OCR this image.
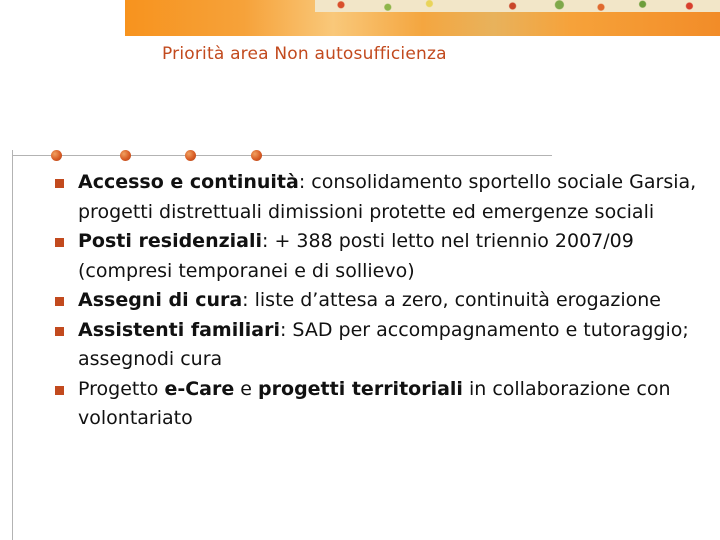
Priorità area Non autosufficienza
Accesso e continuità: consolidamento sportello sociale Garsia, progetti distrettuali dimissioni protette ed emergenze sociali
Posti residenziali: + 388 posti letto nel triennio 2007/09 (compresi temporanei e di sollievo)
Assegni di cura: liste d’attesa a zero, continuità erogazione
Assistenti familiari: SAD per accompagnamento e tutoraggio; assegnodi cura
Progetto e-Care e progetti territoriali in collaborazione con volontariato
